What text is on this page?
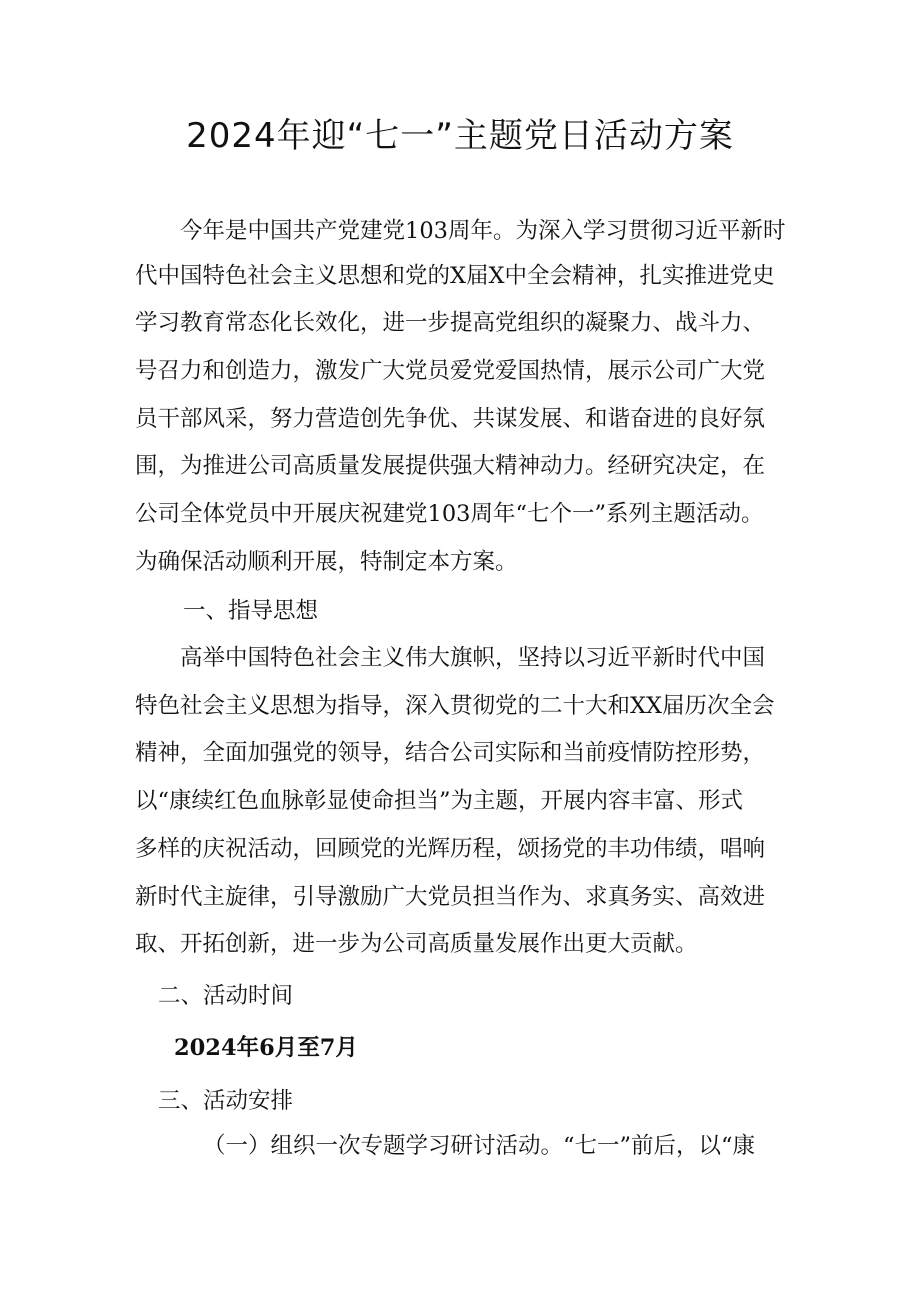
2024年迎“七一”主题党日活动方案
今年是中国共产党建党103周年。为深入学习贯彻习近平新时
代中国特色社会主义思想和党的X届X中全会精神，扎实推进党史
学习教育常态化长效化，进一步提高党组织的凝聚力、战斗力、
号召力和创造力，激发广大党员爱党爱国热情，展示公司广大党
员干部风采，努力营造创先争优、共谋发展、和谐奋进的良好氛
围，为推进公司高质量发展提供强大精神动力。经研究决定，在
公司全体党员中开展庆祝建党103周年“七个一”系列主题活动。
为确保活动顺利开展，特制定本方案。
一、指导思想
高举中国特色社会主义伟大旗帜，坚持以习近平新时代中国
特色社会主义思想为指导，深入贯彻党的二十大和XX届历次全会
精神，全面加强党的领导，结合公司实际和当前疫情防控形势，
以“康续红色血脉彰显使命担当”为主题，开展内容丰富、形式
多样的庆祝活动，回顾党的光辉历程，颂扬党的丰功伟绩，唱响
新时代主旋律，引导激励广大党员担当作为、求真务实、高效进
取、开拓创新，进一步为公司高质量发展作出更大贡献。
二、活动时间
2024年6月至7月
三、活动安排
（一）组织一次专题学习研讨活动。“七一”前后，以“康
